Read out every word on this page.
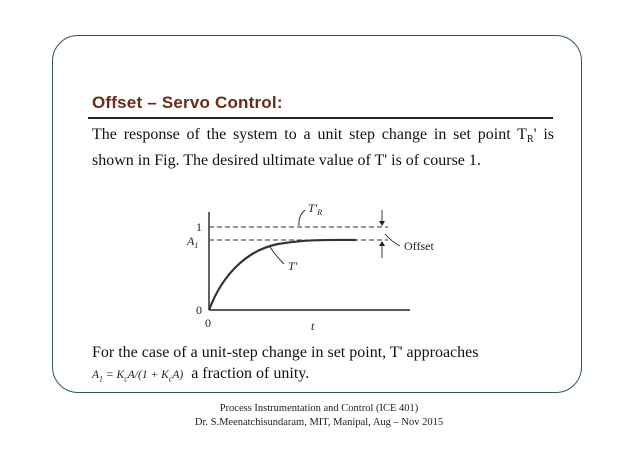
Offset – Servo Control:
The response of the system to a unit step change in set point $T_R'$ is shown in Fig. The desired ultimate value of T' is of course 1.
1
$A_1$
0
0	t
$T'_R$
T'
Offset
For the case of a unit-step change in set point, T' approaches
$A_1 = K_cA/(1 + K_cA)$ a fraction of unity.
Process Instrumentation and Control (ICE 401)
Dr. S.Meenatchisundaram, MIT, Manipal, Aug – Nov 2015
